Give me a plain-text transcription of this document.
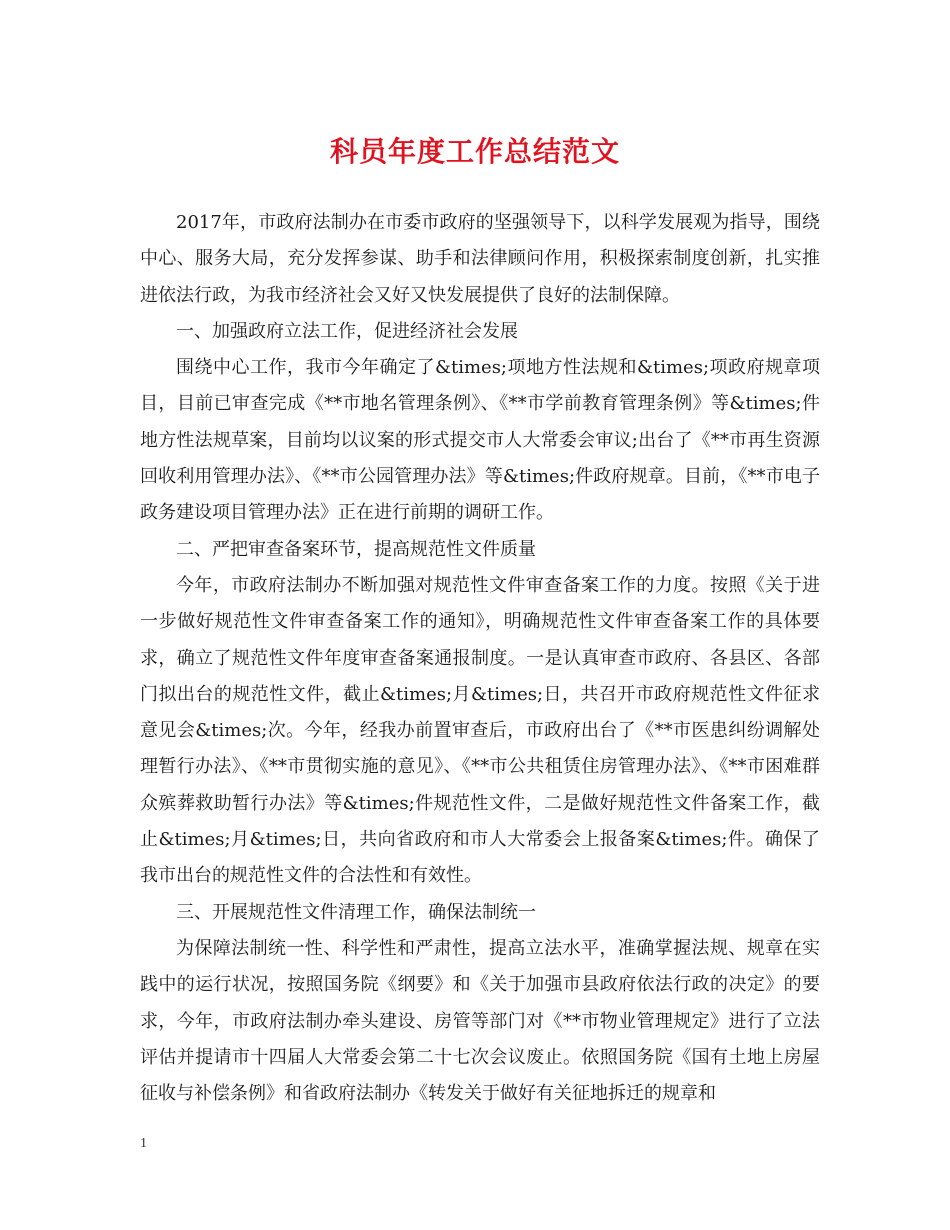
科员年度工作总结范文

2017年，市政府法制办在市委市政府的坚强领导下，以科学发展观为指导，围绕中心、服务大局，充分发挥参谋、助手和法律顾问作用，积极探索制度创新，扎实推进依法行政，为我市经济社会又好又快发展提供了良好的法制保障。

一、加强政府立法工作，促进经济社会发展

围绕中心工作，我市今年确定了&times;项地方性法规和&times;项政府规章项目，目前已审查完成《**市地名管理条例》、《**市学前教育管理条例》等&times;件地方性法规草案，目前均以议案的形式提交市人大常委会审议;出台了《**市再生资源回收利用管理办法》、《**市公园管理办法》等&times;件政府规章。目前，《**市电子政务建设项目管理办法》正在进行前期的调研工作。

二、严把审查备案环节，提高规范性文件质量

今年，市政府法制办不断加强对规范性文件审查备案工作的力度。按照《关于进一步做好规范性文件审查备案工作的通知》，明确规范性文件审查备案工作的具体要求，确立了规范性文件年度审查备案通报制度。一是认真审查市政府、各县区、各部门拟出台的规范性文件，截止&times;月&times;日，共召开市政府规范性文件征求意见会&times;次。今年，经我办前置审查后，市政府出台了《**市医患纠纷调解处理暂行办法》、《**市贯彻实施的意见》、《**市公共租赁住房管理办法》、《**市困难群众殡葬救助暂行办法》等&times;件规范性文件，二是做好规范性文件备案工作，截止&times;月&times;日，共向省政府和市人大常委会上报备案&times;件。确保了我市出台的规范性文件的合法性和有效性。

三、开展规范性文件清理工作，确保法制统一

为保障法制统一性、科学性和严肃性，提高立法水平，准确掌握法规、规章在实践中的运行状况，按照国务院《纲要》和《关于加强市县政府依法行政的决定》的要求，今年，市政府法制办牵头建设、房管等部门对《**市物业管理规定》进行了立法评估并提请市十四届人大常委会第二十七次会议废止。依照国务院《国有土地上房屋征收与补偿条例》和省政府法制办《转发关于做好有关征地拆迁的规章和

1
